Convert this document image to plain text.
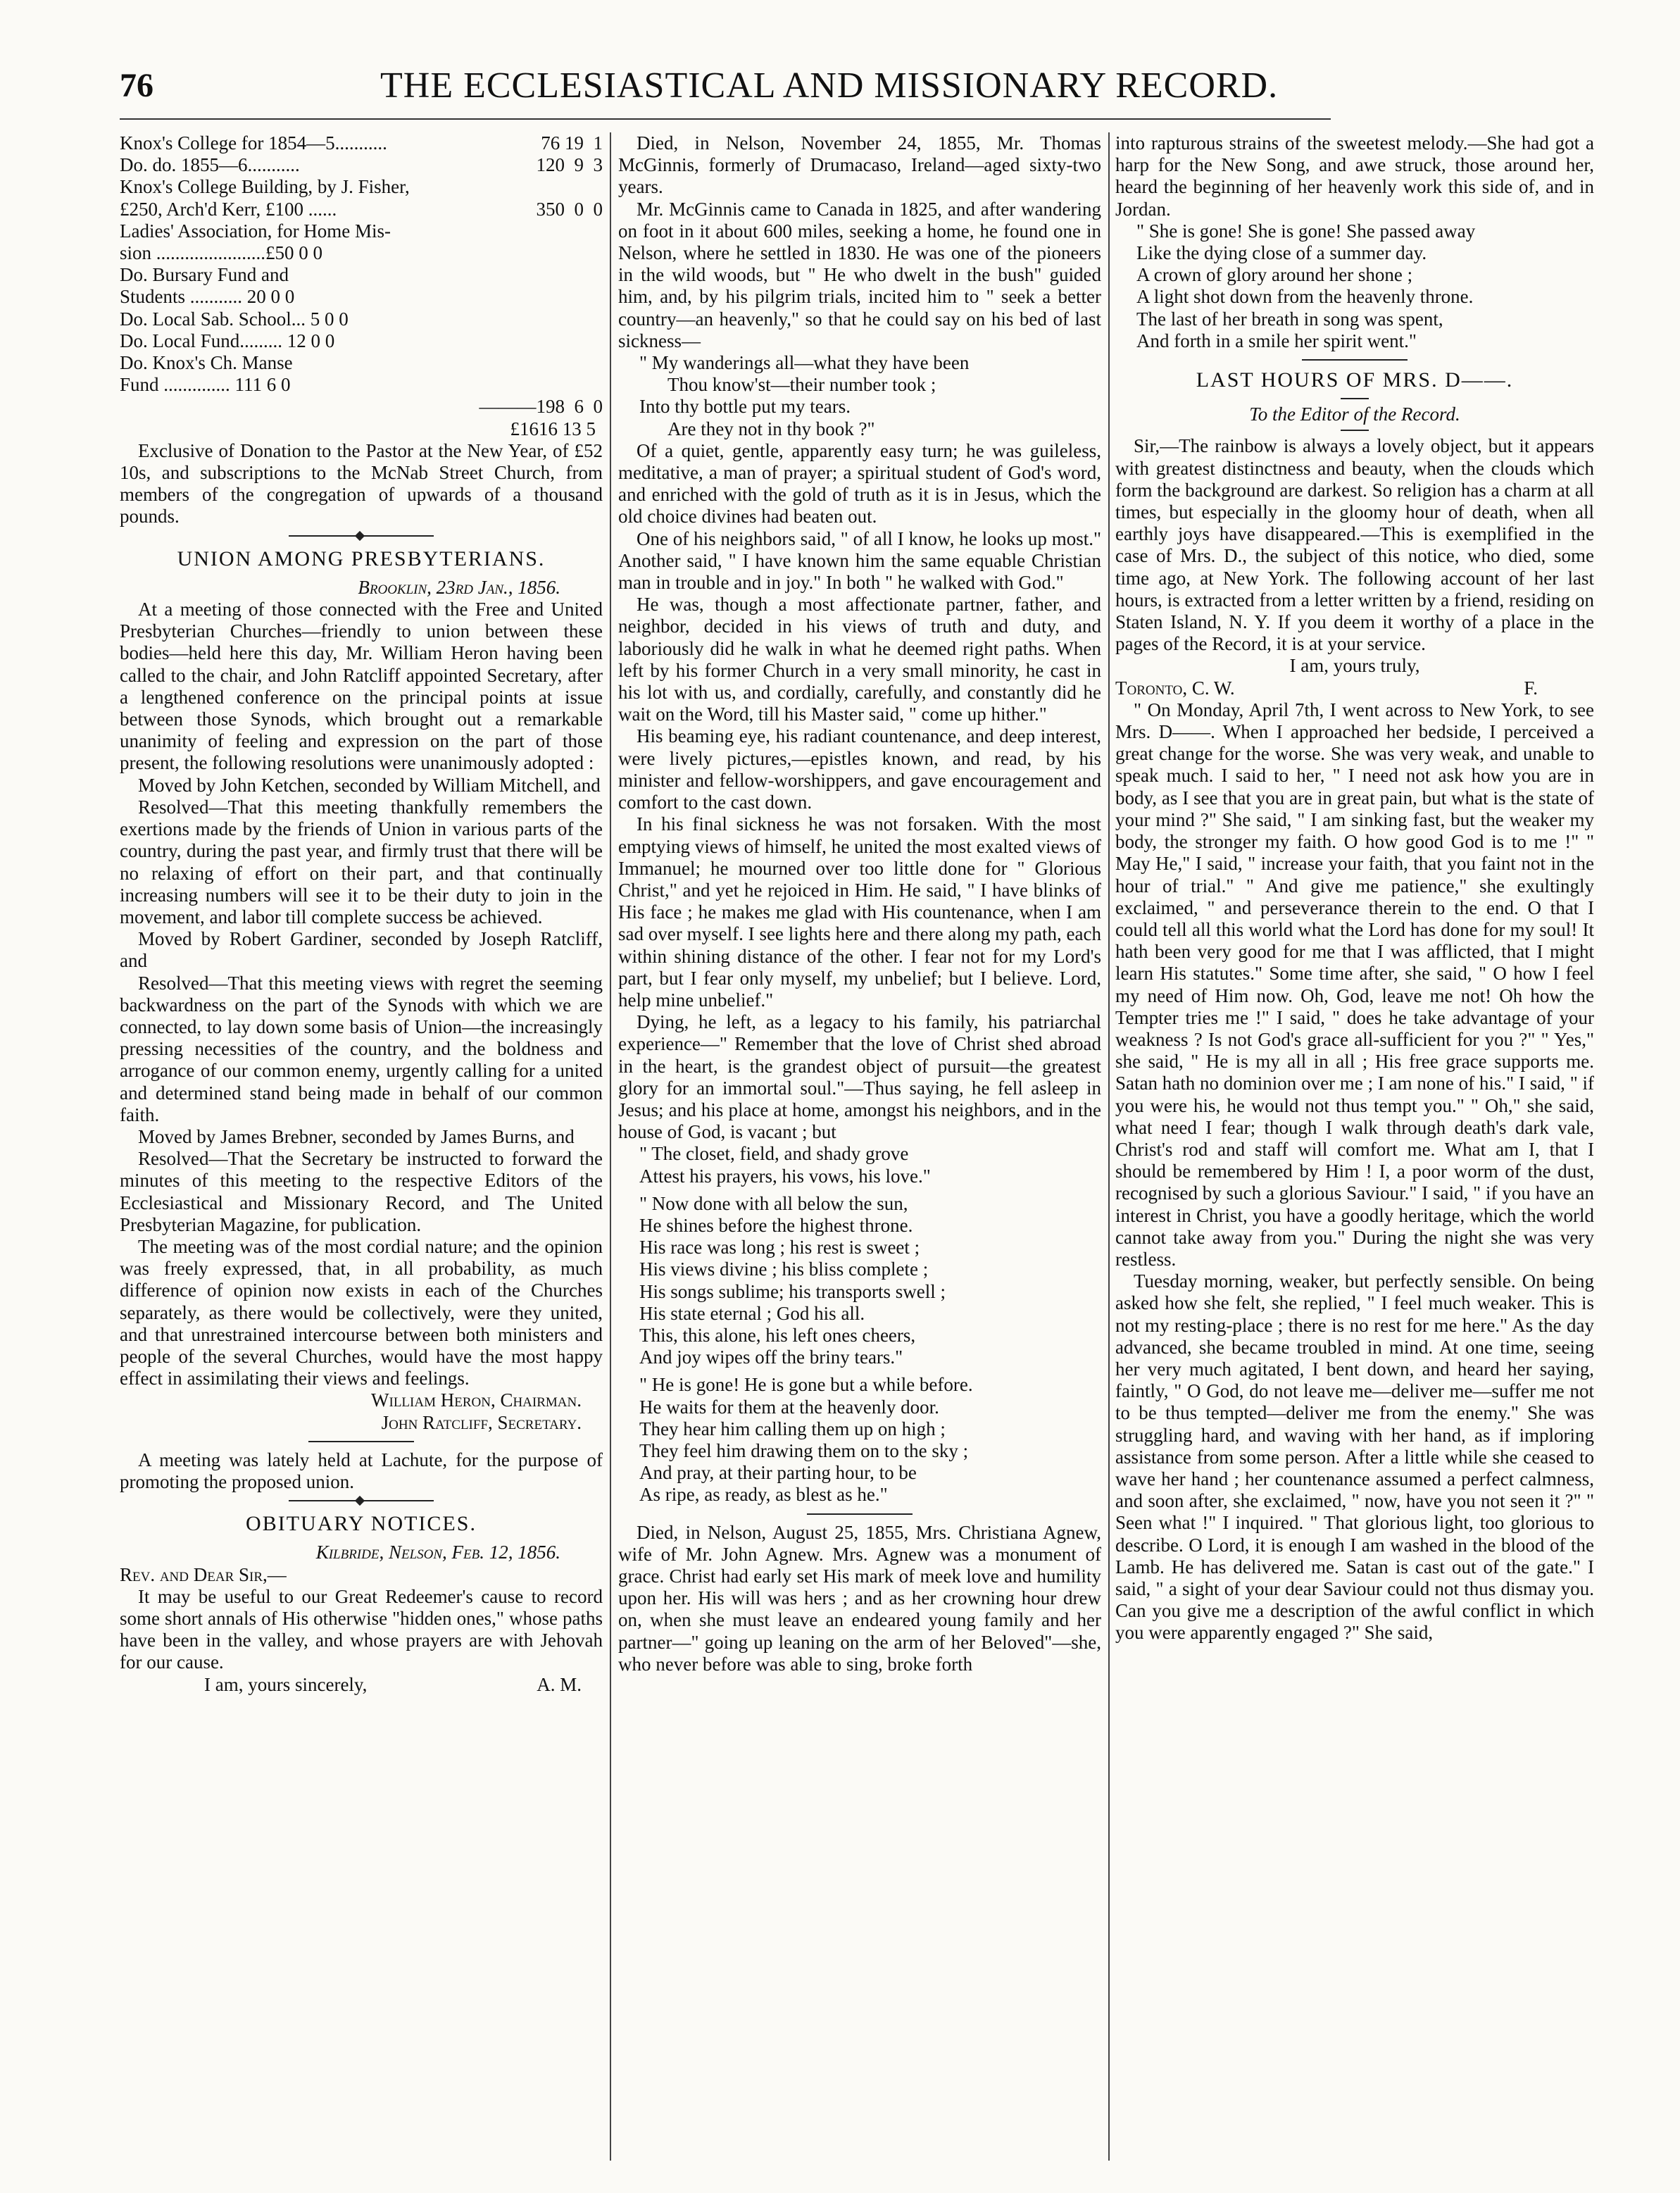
76	THE ECCLESIASTICAL AND MISSIONARY RECORD.
Knox's College for 1854—5...........	76 19  1
Do. do. 1855—6...........	120  9  3
Knox's College Building, by J. Fisher,	
£250, Arch'd Kerr, £100 ......	350  0  0
Ladies' Association, for Home Mis-	
sion .......................£50 0 0	
Do. Bursary Fund and	
Students ........... 20 0 0	
Do. Local Sab. School... 5 0 0	
Do. Local Fund......... 12 0 0	
Do. Knox's Ch. Manse	
Fund .............. 111 6 0	
	———198  6  0
£1616 13 5

Exclusive of Donation to the Pastor at the New Year, of £52 10s, and subscriptions to the McNab Street Church, from members of the congregation of upwards of a thousand pounds.

UNION AMONG PRESBYTERIANS.

Brooklin, 23rd Jan., 1856.

At a meeting of those connected with the Free and United Presbyterian Churches—friendly to union between these bodies—held here this day, Mr. William Heron having been called to the chair, and John Ratcliff appointed Secretary, after a lengthened conference on the principal points at issue between those Synods, which brought out a remarkable unanimity of feeling and expression on the part of those present, the following resolutions were unanimously adopted :

Moved by John Ketchen, seconded by William Mitchell, and

Resolved—That this meeting thankfully remembers the exertions made by the friends of Union in various parts of the country, during the past year, and firmly trust that there will be no relaxing of effort on their part, and that continually increasing numbers will see it to be their duty to join in the movement, and labor till complete success be achieved.

Moved by Robert Gardiner, seconded by Joseph Ratcliff, and

Resolved—That this meeting views with regret the seeming backwardness on the part of the Synods with which we are connected, to lay down some basis of Union—the increasingly pressing necessities of the country, and the boldness and arrogance of our common enemy, urgently calling for a united and determined stand being made in behalf of our common faith.

Moved by James Brebner, seconded by James Burns, and

Resolved—That the Secretary be instructed to forward the minutes of this meeting to the respective Editors of the Ecclesiastical and Missionary Record, and The United Presbyterian Magazine, for publication.

The meeting was of the most cordial nature; and the opinion was freely expressed, that, in all probability, as much difference of opinion now exists in each of the Churches separately, as there would be collectively, were they united, and that unrestrained intercourse between both ministers and people of the several Churches, would have the most happy effect in assimilating their views and feelings.

William Heron, Chairman.

John Ratcliff, Secretary.

A meeting was lately held at Lachute, for the purpose of promoting the proposed union.

OBITUARY NOTICES.

Kilbride, Nelson, Feb. 12, 1856.

Rev. and Dear Sir,—

It may be useful to our Great Redeemer's cause to record some short annals of His otherwise "hidden ones," whose paths have been in the valley, and whose prayers are with Jehovah for our cause.

I am, yours sincerely,	A. M.

Died, in Nelson, November 24, 1855, Mr. Thomas McGinnis, formerly of Drumacaso, Ireland—aged sixty-two years.

Mr. McGinnis came to Canada in 1825, and after wandering on foot in it about 600 miles, seeking a home, he found one in Nelson, where he settled in 1830. He was one of the pioneers in the wild woods, but " He who dwelt in the bush" guided him, and, by his pilgrim trials, incited him to " seek a better country—an heavenly," so that he could say on his bed of last sickness—

" My wanderings all—what they have been

Thou know'st—their number took ;

Into thy bottle put my tears.

Are they not in thy book ?"

Of a quiet, gentle, apparently easy turn; he was guileless, meditative, a man of prayer; a spiritual student of God's word, and enriched with the gold of truth as it is in Jesus, which the old choice divines had beaten out.

One of his neighbors said, " of all I know, he looks up most." Another said, " I have known him the same equable Christian man in trouble and in joy." In both " he walked with God."

He was, though a most affectionate partner, father, and neighbor, decided in his views of truth and duty, and laboriously did he walk in what he deemed right paths. When left by his former Church in a very small minority, he cast in his lot with us, and cordially, carefully, and constantly did he wait on the Word, till his Master said, " come up hither."

His beaming eye, his radiant countenance, and deep interest, were lively pictures,—epistles known, and read, by his minister and fellow-worshippers, and gave encouragement and comfort to the cast down.

In his final sickness he was not forsaken. With the most emptying views of himself, he united the most exalted views of Immanuel; he mourned over too little done for " Glorious Christ," and yet he rejoiced in Him. He said, " I have blinks of His face ; he makes me glad with His countenance, when I am sad over myself. I see lights here and there along my path, each within shining distance of the other. I fear not for my Lord's part, but I fear only myself, my unbelief; but I believe. Lord, help mine unbelief."

Dying, he left, as a legacy to his family, his patriarchal experience—" Remember that the love of Christ shed abroad in the heart, is the grandest object of pursuit—the greatest glory for an immortal soul."—Thus saying, he fell asleep in Jesus; and his place at home, amongst his neighbors, and in the house of God, is vacant ; but

" The closet, field, and shady grove

Attest his prayers, his vows, his love."

" Now done with all below the sun,

He shines before the highest throne.

His race was long ; his rest is sweet ;

His views divine ; his bliss complete ;

His songs sublime; his transports swell ;

His state eternal ; God his all.

This, this alone, his left ones cheers,

And joy wipes off the briny tears."

" He is gone! He is gone but a while before.

He waits for them at the heavenly door.

They hear him calling them up on high ;

They feel him drawing them on to the sky ;

And pray, at their parting hour, to be

As ripe, as ready, as blest as he."

Died, in Nelson, August 25, 1855, Mrs. Christiana Agnew, wife of Mr. John Agnew. Mrs. Agnew was a monument of grace. Christ had early set His mark of meek love and humility upon her. His will was hers ; and as her crowning hour drew on, when she must leave an endeared young family and her partner—" going up leaning on the arm of her Beloved"—she, who never before was able to sing, broke forth

into rapturous strains of the sweetest melody.—She had got a harp for the New Song, and awe struck, those around her, heard the beginning of her heavenly work this side of, and in Jordan.

" She is gone! She is gone! She passed away

Like the dying close of a summer day.

A crown of glory around her shone ;

A light shot down from the heavenly throne.

The last of her breath in song was spent,

And forth in a smile her spirit went."

LAST HOURS OF MRS. D——.

To the Editor of the Record.

Sir,—The rainbow is always a lovely object, but it appears with greatest distinctness and beauty, when the clouds which form the background are darkest. So religion has a charm at all times, but especially in the gloomy hour of death, when all earthly joys have disappeared.—This is exemplified in the case of Mrs. D., the subject of this notice, who died, some time ago, at New York. The following account of her last hours, is extracted from a letter written by a friend, residing on Staten Island, N. Y. If you deem it worthy of a place in the pages of the Record, it is at your service.

I am, yours truly,

Toronto, C. W.	F.

" On Monday, April 7th, I went across to New York, to see Mrs. D——. When I approached her bedside, I perceived a great change for the worse. She was very weak, and unable to speak much. I said to her, " I need not ask how you are in body, as I see that you are in great pain, but what is the state of your mind ?" She said, " I am sinking fast, but the weaker my body, the stronger my faith. O how good God is to me !" " May He," I said, " increase your faith, that you faint not in the hour of trial." " And give me patience," she exultingly exclaimed, " and perseverance therein to the end. O that I could tell all this world what the Lord has done for my soul! It hath been very good for me that I was afflicted, that I might learn His statutes." Some time after, she said, " O how I feel my need of Him now. Oh, God, leave me not! Oh how the Tempter tries me !" I said, " does he take advantage of your weakness ? Is not God's grace all-sufficient for you ?" " Yes," she said, " He is my all in all ; His free grace supports me. Satan hath no dominion over me ; I am none of his." I said, " if you were his, he would not thus tempt you." " Oh," she said, what need I fear; though I walk through death's dark vale, Christ's rod and staff will comfort me. What am I, that I should be remembered by Him ! I, a poor worm of the dust, recognised by such a glorious Saviour." I said, " if you have an interest in Christ, you have a goodly heritage, which the world cannot take away from you." During the night she was very restless.

Tuesday morning, weaker, but perfectly sensible. On being asked how she felt, she replied, " I feel much weaker. This is not my resting-place ; there is no rest for me here." As the day advanced, she became troubled in mind. At one time, seeing her very much agitated, I bent down, and heard her saying, faintly, " O God, do not leave me—deliver me—suffer me not to be thus tempted—deliver me from the enemy." She was struggling hard, and waving with her hand, as if imploring assistance from some person. After a little while she ceased to wave her hand ; her countenance assumed a perfect calmness, and soon after, she exclaimed, " now, have you not seen it ?" " Seen what !" I inquired. " That glorious light, too glorious to describe. O Lord, it is enough I am washed in the blood of the Lamb. He has delivered me. Satan is cast out of the gate." I said, " a sight of your dear Saviour could not thus dismay you. Can you give me a description of the awful conflict in which you were apparently engaged ?" She said,
